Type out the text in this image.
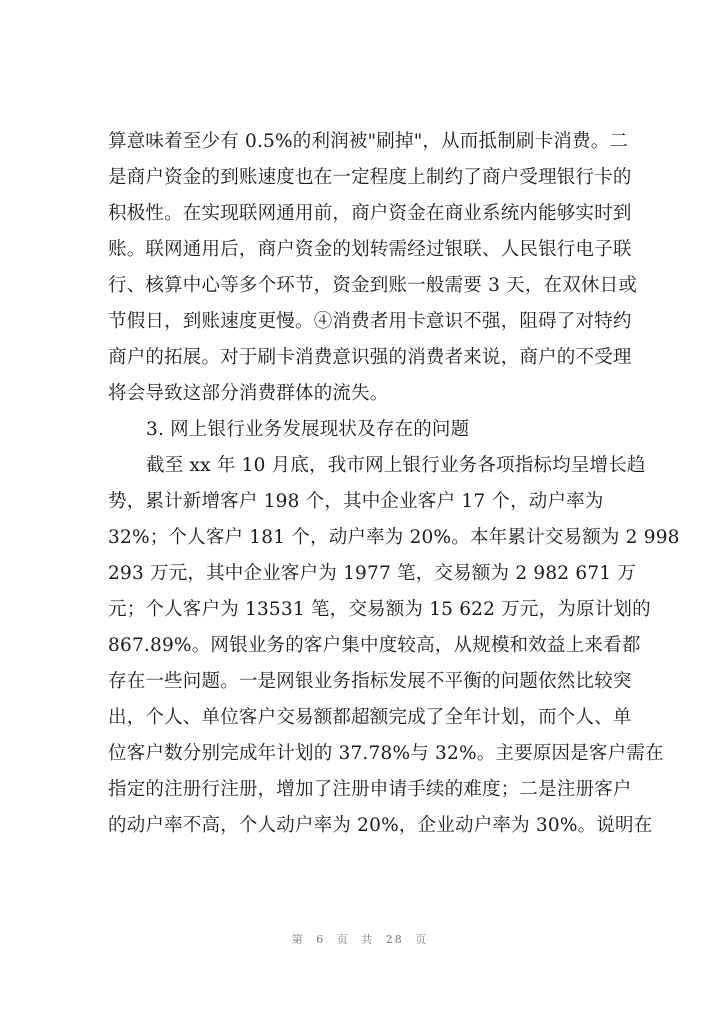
算意味着至少有 0.5%的利润被"刷掉"，从而抵制刷卡消费。二
是商户资金的到账速度也在一定程度上制约了商户受理银行卡的
积极性。在实现联网通用前，商户资金在商业系统内能够实时到
账。联网通用后，商户资金的划转需经过银联、人民银行电子联
行、核算中心等多个环节，资金到账一般需要 3 天，在双休日或
节假日，到账速度更慢。④消费者用卡意识不强，阻碍了对特约
商户的拓展。对于刷卡消费意识强的消费者来说，商户的不受理
将会导致这部分消费群体的流失。
3. 网上银行业务发展现状及存在的问题
截至 xx 年 10 月底，我市网上银行业务各项指标均呈增长趋
势，累计新增客户 198 个，其中企业客户 17 个，动户率为
32%；个人客户 181 个，动户率为 20%。本年累计交易额为 2 998
293 万元，其中企业客户为 1977 笔，交易额为 2 982 671 万
元；个人客户为 13531 笔，交易额为 15 622 万元，为原计划的
867.89%。网银业务的客户集中度较高，从规模和效益上来看都
存在一些问题。一是网银业务指标发展不平衡的问题依然比较突
出，个人、单位客户交易额都超额完成了全年计划，而个人、单
位客户数分别完成年计划的 37.78%与 32%。主要原因是客户需在
指定的注册行注册，增加了注册申请手续的难度；二是注册客户
的动户率不高，个人动户率为 20%，企业动户率为 30%。说明在
第 6 页 共 28 页
